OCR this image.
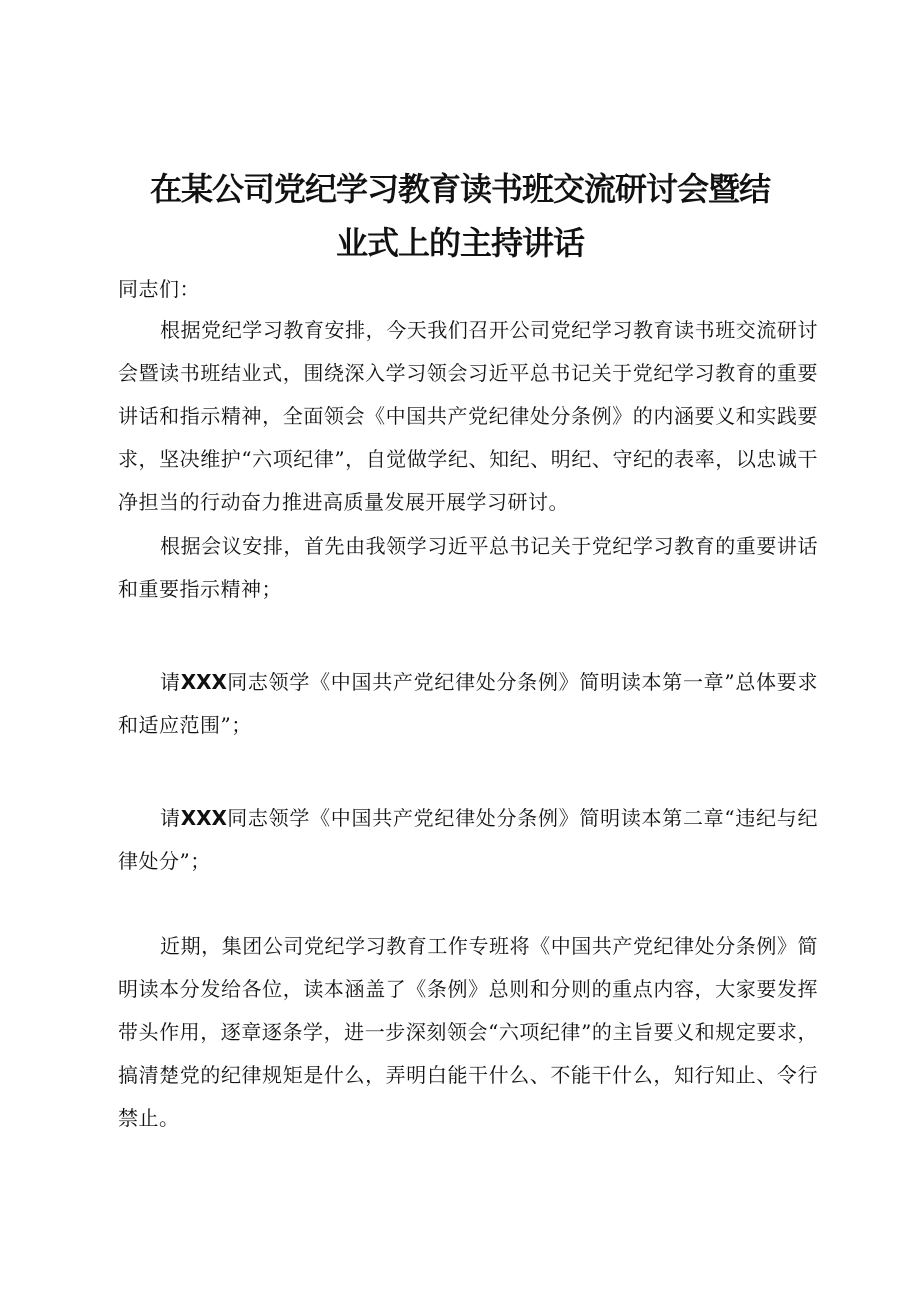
在某公司党纪学习教育读书班交流研讨会暨结
业式上的主持讲话
同志们：
根据党纪学习教育安排，今天我们召开公司党纪学习教育读书班交流研讨会暨读书班结业式，围绕深入学习领会习近平总书记关于党纪学习教育的重要讲话和指示精神，全面领会《中国共产党纪律处分条例》的内涵要义和实践要求，坚决维护“六项纪律”，自觉做学纪、知纪、明纪、守纪的表率，以忠诚干净担当的行动奋力推进高质量发展开展学习研讨。
根据会议安排，首先由我领学习近平总书记关于党纪学习教育的重要讲话和重要指示精神；
请XXX同志领学《中国共产党纪律处分条例》简明读本第一章”总体要求和适应范围”；
请XXX同志领学《中国共产党纪律处分条例》简明读本第二章“违纪与纪律处分”；
近期，集团公司党纪学习教育工作专班将《中国共产党纪律处分条例》简明读本分发给各位，读本涵盖了《条例》总则和分则的重点内容，大家要发挥带头作用，逐章逐条学，进一步深刻领会“六项纪律”的主旨要义和规定要求，搞清楚党的纪律规矩是什么，弄明白能干什么、不能干什么，知行知止、令行禁止。
